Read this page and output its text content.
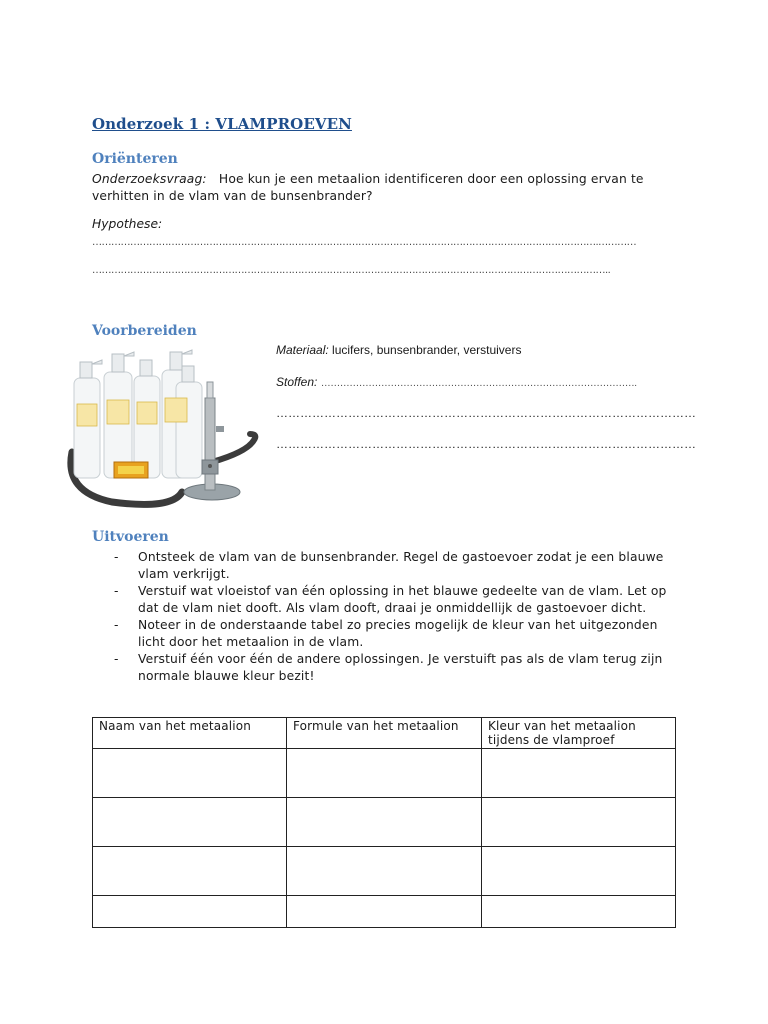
Onderzoek 1 : VLAMPROEVEN
Oriënteren
Onderzoeksvraag: Hoe kun je een metaalion identificeren door een oplossing ervan te verhitten in de vlam van de bunsenbrander?
Hypothese:
…………………………………………………………………………………………………………………………………………….…………
………………………………………………………………………………………………………………………………………………..
Voorbereiden
Materiaal: lucifers, bunsenbrander, verstuivers
Stoffen: ……………………………………………………………………………………….
……………………………………………………………………………………………
……………………………………………………………………………………………
Uitvoeren
- Ontsteek de vlam van de bunsenbrander. Regel de gastoevoer zodat je een blauwe vlam verkrijgt.
- Verstuif wat vloeistof van één oplossing in het blauwe gedeelte van de vlam. Let op dat de vlam niet dooft. Als vlam dooft, draai je onmiddellijk de gastoevoer dicht.
- Noteer in de onderstaande tabel zo precies mogelijk de kleur van het uitgezonden licht door het metaalion in de vlam.
- Verstuif één voor één de andere oplossingen. Je verstuift pas als de vlam terug zijn normale blauwe kleur bezit!
Naam van het metaalion	Formule van het metaalion	Kleur van het metaalion tijdens de vlamproef
